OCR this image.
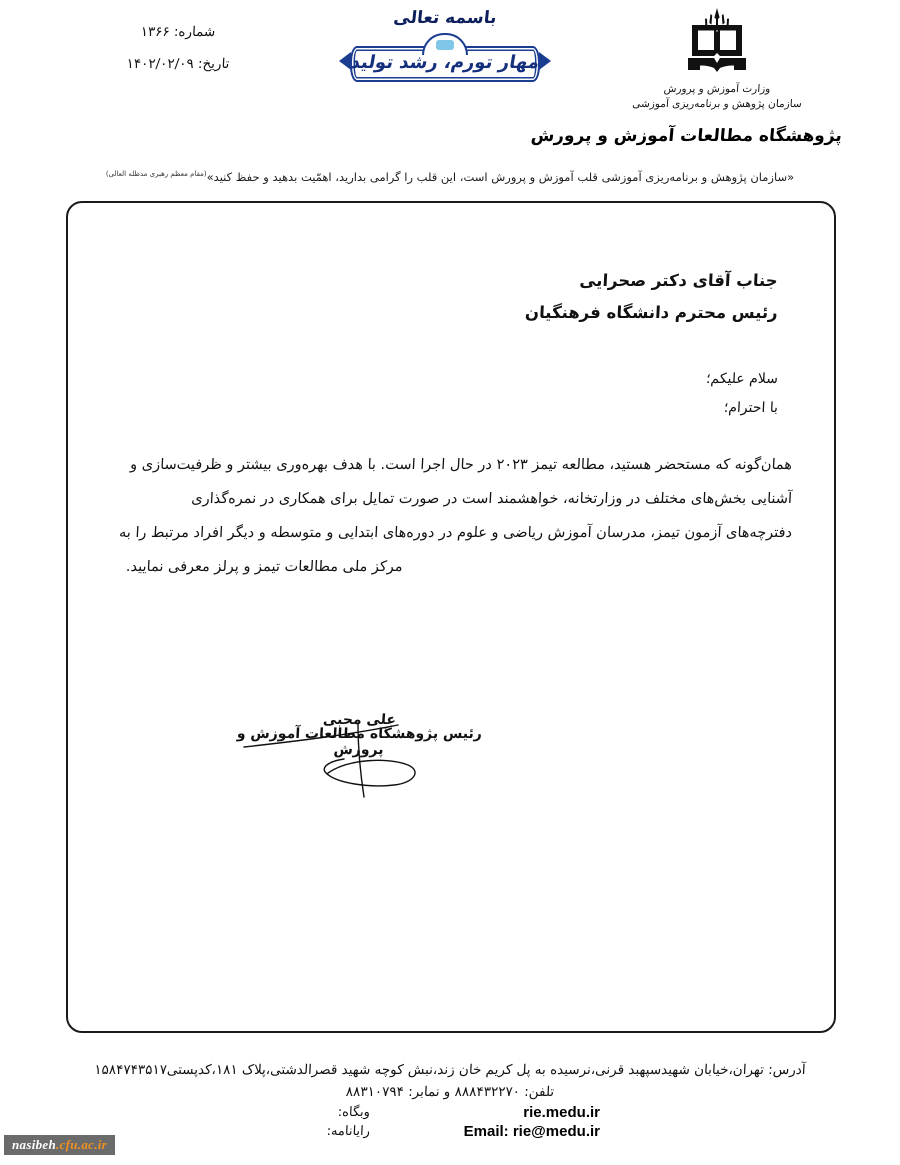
شماره: ۱۳۶۶
تاریخ: ۱۴۰۲/۰۲/۰۹
باسمه تعالی
مهار تورم، رشد تولید
وزارت آموزش و پرورش
سازمان پژوهش و برنامه‌ریزی آموزشی
پژوهشگاه مطالعات آموزش و پرورش
«سازمان پژوهش و برنامه‌ریزی آموزشی قلب آموزش و پرورش است، این قلب را گرامی بدارید، اهمّیت بدهید و حفظ کنید»$^{(مقام معظم رهبری مدظله العالی)}$
جناب آقای دکتر صحرایی
رئیس محترم دانشگاه فرهنگیان
سلام علیکم؛
با احترام؛
همان‌گونه که مستحضر هستید، مطالعه تیمز ۲۰۲۳ در حال اجرا است. با هدف بهره‌وری بیشتر و ظرفیت‌سازی و
آشنایی بخش‌های مختلف در وزارتخانه، خواهشمند است در صورت تمایل برای همکاری در نمره‌گذاری
دفترچه‌های آزمون تیمز، مدرسان آموزش ریاضی و علوم در دوره‌های ابتدایی و متوسطه و دیگر افراد مرتبط را به
مرکز ملی مطالعات تیمز و پرلز معرفی نمایید.
علی محبی
رئیس پژوهشگاه مطالعات آموزش و پرورش
آدرس: تهران،خیابان شهیدسپهبد قرنی،نرسیده به پل کریم خان زند،نبش کوچه شهید قصرالدشتی،پلاک ۱۸۱،کدپستی۱۵۸۴۷۴۳۵۱۷
تلفن: ۸۸۸۴۳۲۲۷۰ و نمابر: ۸۸۳۱۰۷۹۴
rie.medu.ir
وبگاه:
Email: rie@medu.ir
رایانامه:
nasibeh.cfu.ac.ir
